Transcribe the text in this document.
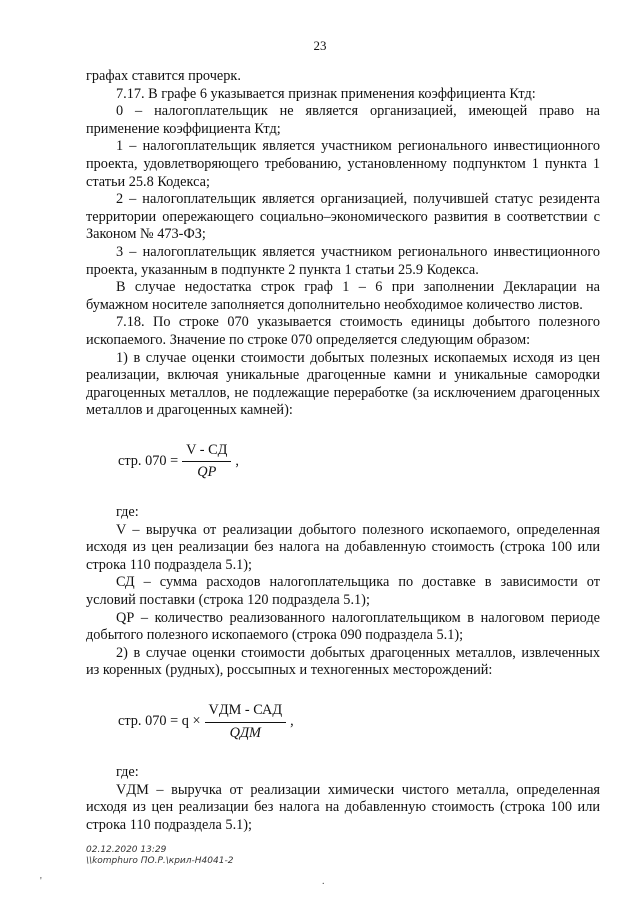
23

графах ставится прочерк.

7.17. В графе 6 указывается признак применения коэффициента Ктд:

0 – налогоплательщик не является организацией, имеющей право на применение коэффициента Ктд;

1 – налогоплательщик является участником регионального инвестиционного проекта, удовлетворяющего требованию, установленному подпунктом 1 пункта 1 статьи 25.8 Кодекса;

2 – налогоплательщик является организацией, получившей статус резидента территории опережающего социально–экономического развития в соответствии с Законом № 473-ФЗ;

3 – налогоплательщик является участником регионального инвестиционного проекта, указанным в подпункте 2 пункта 1 статьи 25.9 Кодекса.

В случае недостатка строк граф 1 – 6 при заполнении Декларации на бумажном носителе заполняется дополнительно необходимое количество листов.

7.18. По строке 070 указывается стоимость единицы добытого полезного ископаемого. Значение по строке 070 определяется следующим образом:

1) в случае оценки стоимости добытых полезных ископаемых исходя из цен реализации, включая уникальные драгоценные камни и уникальные самородки драгоценных металлов, не подлежащие переработке (за исключением драгоценных металлов и драгоценных камней):

стр. $070 = \frac{V - CД}{QР}$ ,

где:

V – выручка от реализации добытого полезного ископаемого, определенная исходя из цен реализации без налога на добавленную стоимость (строка 100 или строка 110 подраздела 5.1);

СД – сумма расходов налогоплательщика по доставке в зависимости от условий поставки (строка 120 подраздела 5.1);

QР – количество реализованного налогоплательщиком в налоговом периоде добытого полезного ископаемого (строка 090 подраздела 5.1);

2) в случае оценки стоимости добытых драгоценных металлов, извлеченных из коренных (рудных), россыпных и техногенных месторождений:

стр. $070 = q \times \frac{\text{VДМ - САД}}{\text{QДМ}}$ ,

где:

VДМ – выручка от реализации химически чистого металла, определенная исходя из цен реализации без налога на добавленную стоимость (строка 100 или строка 110 подраздела 5.1);

02.12.2020 13:29
\\komphuro ПО.Р.\крил-Н4041-2
'	.
